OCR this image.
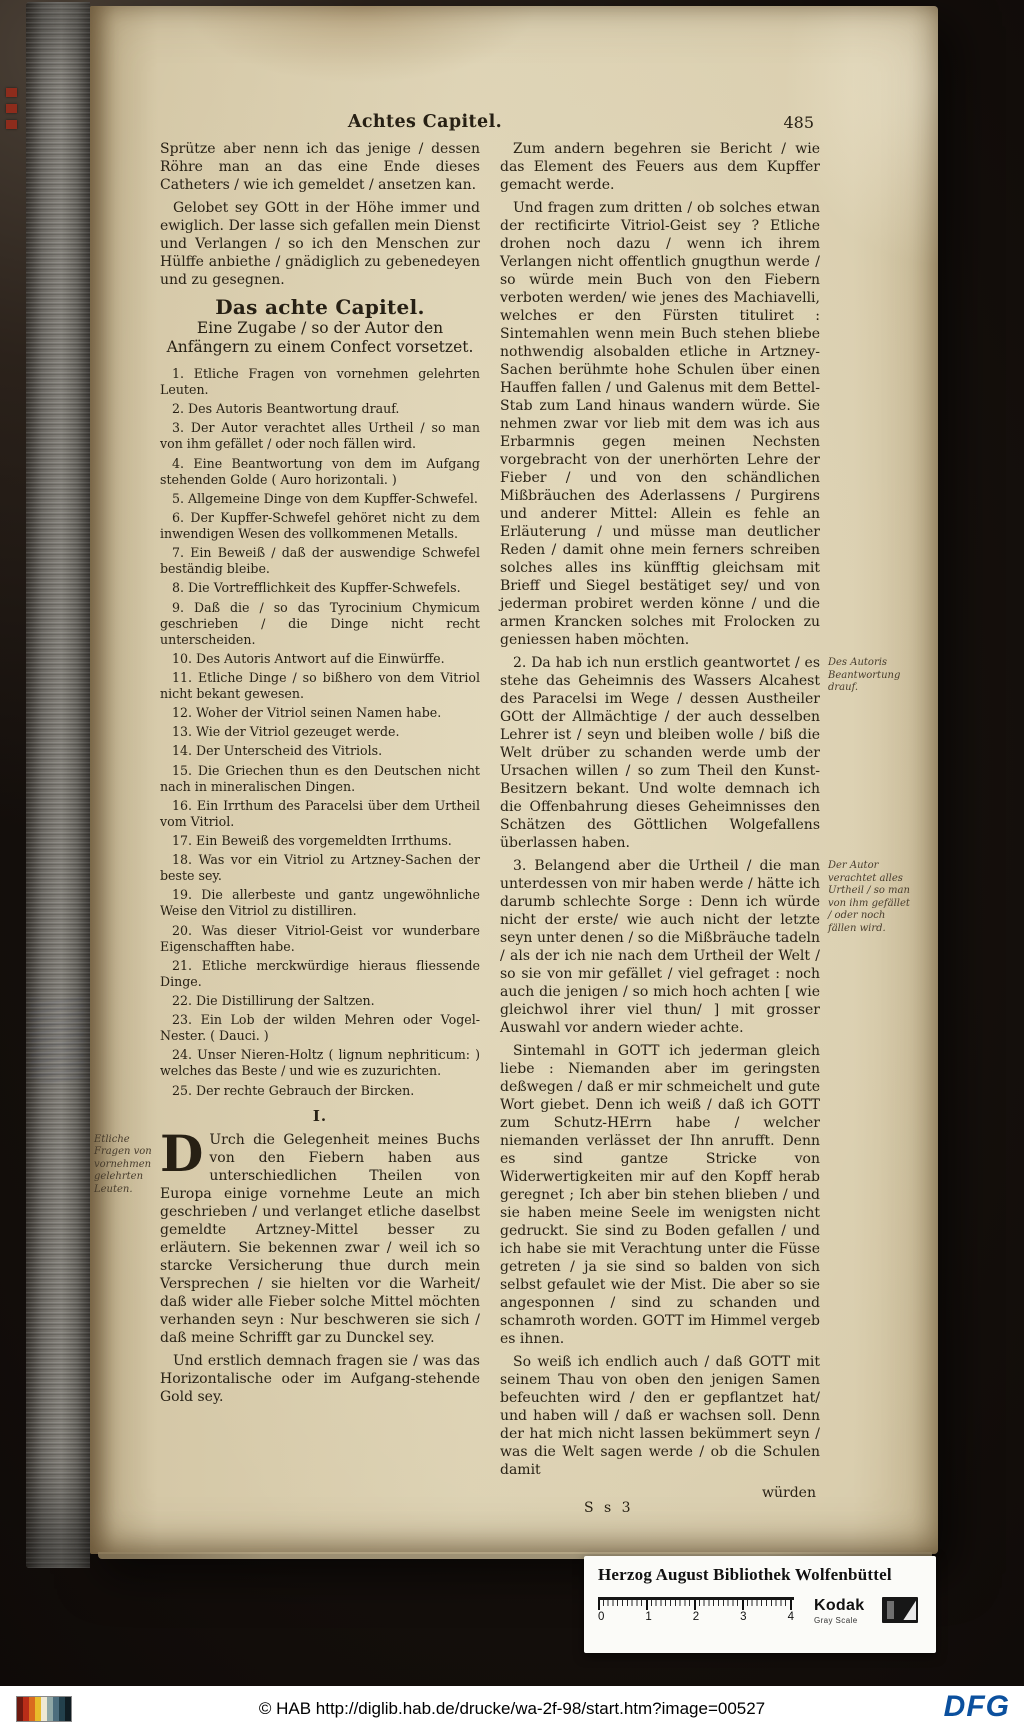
Achtes Capitel.	485

Sprütze aber nenn ich das jenige / dessen Röhre man an das eine Ende dieses Catheters / wie ich gemeldet / ansetzen kan.

Gelobet sey GOtt in der Höhe immer und ewiglich. Der lasse sich gefallen mein Dienst und Verlangen / so ich den Menschen zur Hülffe anbiethe / gnädiglich zu gebenedeyen und zu gesegnen.

Das achte Capitel.

Eine Zugabe / so der Autor den Anfängern zu einem Confect vorsetzet.

1. Etliche Fragen von vornehmen gelehrten Leuten.
2. Des Autoris Beantwortung drauf.
3. Der Autor verachtet alles Urtheil / so man von ihm gefället / oder noch fällen wird.
4. Eine Beantwortung von dem im Aufgang stehenden Golde ( Auro horizontali. )
5. Allgemeine Dinge von dem Kupffer-Schwefel.
6. Der Kupffer-Schwefel gehöret nicht zu dem inwendigen Wesen des vollkommenen Metalls.
7. Ein Beweiß / daß der auswendige Schwefel beständig bleibe.
8. Die Vortrefflichkeit des Kupffer-Schwefels.
9. Daß die / so das Tyrocinium Chymicum geschrieben / die Dinge nicht recht unterscheiden.
10. Des Autoris Antwort auf die Einwürffe.
11. Etliche Dinge / so bißhero von dem Vitriol nicht bekant gewesen.
12. Woher der Vitriol seinen Namen habe.
13. Wie der Vitriol gezeuget werde.
14. Der Unterscheid des Vitriols.
15. Die Griechen thun es den Deutschen nicht nach in mineralischen Dingen.
16. Ein Irrthum des Paracelsi über dem Urtheil vom Vitriol.
17. Ein Beweiß des vorgemeldten Irrthums.
18. Was vor ein Vitriol zu Artzney-Sachen der beste sey.
19. Die allerbeste und gantz ungewöhnliche Weise den Vitriol zu distilliren.
20. Was dieser Vitriol-Geist vor wunderbare Eigenschafften habe.
21. Etliche merckwürdige hieraus fliessende Dinge.
22. Die Distillirung der Saltzen.
23. Ein Lob der wilden Mehren oder Vogel-Nester. ( Dauci. )
24. Unser Nieren-Holtz ( lignum nephriticum: ) welches das Beste / und wie es zuzurichten.
25. Der rechte Gebrauch der Bircken.
I.
Etliche Fragen von vornehmen gelehrten Leuten.

D Urch die Gelegenheit meines Buchs von den Fiebern haben aus unterschiedlichen Theilen von Europa einige vornehme Leute an mich geschrieben / und verlanget etliche daselbst gemeldte Artzney-Mittel besser zu erläutern. Sie bekennen zwar / weil ich so starcke Versicherung thue durch mein Versprechen / sie hielten vor die Warheit/ daß wider alle Fieber solche Mittel möchten verhanden seyn : Nur beschweren sie sich / daß meine Schrifft gar zu Dunckel sey.

Und erstlich demnach fragen sie / was das Horizontalische oder im Aufgang-stehende Gold sey.

Zum andern begehren sie Bericht / wie das Element des Feuers aus dem Kupffer gemacht werde.

Und fragen zum dritten / ob solches etwan der rectificirte Vitriol-Geist sey ? Etliche drohen noch dazu / wenn ich ihrem Verlangen nicht offentlich gnugthun werde / so würde mein Buch von den Fiebern verboten werden/ wie jenes des Machiavelli, welches er den Fürsten tituliret : Sintemahlen wenn mein Buch stehen bliebe nothwendig alsobalden etliche in Artzney-Sachen berühmte hohe Schulen über einen Hauffen fallen / und Galenus mit dem Bettel-Stab zum Land hinaus wandern würde. Sie nehmen zwar vor lieb mit dem was ich aus Erbarmnis gegen meinen Nechsten vorgebracht von der unerhörten Lehre der Fieber / und von den schändlichen Mißbräuchen des Aderlassens / Purgirens und anderer Mittel: Allein es fehle an Erläuterung / und müsse man deutlicher Reden / damit ohne mein ferners schreiben solches alles ins künfftig gleichsam mit Brieff und Siegel bestätiget sey/ und von jederman probiret werden könne / und die armen Krancken solches mit Frolocken zu geniessen haben möchten.

Des Autoris Beantwortung drauf.

2. Da hab ich nun erstlich geantwortet / es stehe das Geheimnis des Wassers Alcahest des Paracelsi im Wege / dessen Austheiler GOtt der Allmächtige / der auch desselben Lehrer ist / seyn und bleiben wolle / biß die Welt drüber zu schanden werde umb der Ursachen willen / so zum Theil den Kunst-Besitzern bekant. Und wolte demnach ich die Offenbahrung dieses Geheimnisses den Schätzen des Göttlichen Wolgefallens überlassen haben.

Der Autor verachtet alles Urtheil / so man von ihm gefället / oder noch fällen wird.

3. Belangend aber die Urtheil / die man unterdessen von mir haben werde / hätte ich darumb schlechte Sorge : Denn ich würde nicht der erste/ wie auch nicht der letzte seyn unter denen / so die Mißbräuche tadeln / als der ich nie nach dem Urtheil der Welt / so sie von mir gefället / viel gefraget : noch auch die jenigen / so mich hoch achten [ wie gleichwol ihrer viel thun/ ] mit grosser Auswahl vor andern wieder achte.

Sintemahl in GOTT ich jederman gleich liebe : Niemanden aber im geringsten deßwegen / daß er mir schmeichelt und gute Wort giebet. Denn ich weiß / daß ich GOTT zum Schutz-HErrn habe / welcher niemanden verlässet der Ihn anrufft. Denn es sind gantze Stricke von Widerwertigkeiten mir auf den Kopff herab geregnet ; Ich aber bin stehen blieben / und sie haben meine Seele im wenigsten nicht gedruckt. Sie sind zu Boden gefallen / und ich habe sie mit Verachtung unter die Füsse getreten / ja sie sind so balden von sich selbst gefaulet wie der Mist. Die aber so sie angesponnen / sind zu schanden und schamroth worden. GOTT im Himmel vergeb es ihnen.

So weiß ich endlich auch / daß GOTT mit seinem Thau von oben den jenigen Samen befeuchten wird / den er gepflantzet hat/ und haben will / daß er wachsen soll. Denn der hat mich nicht lassen bekümmert seyn / was die Welt sagen werde / ob die Schulen damit

würden
S s 3
Herzog August Bibliothek Wolfenbüttel
0	1	2	3	4
Kodak
Gray Scale
© HAB http://diglib.hab.de/drucke/wa-2f-98/start.htm?image=00527	DFG
